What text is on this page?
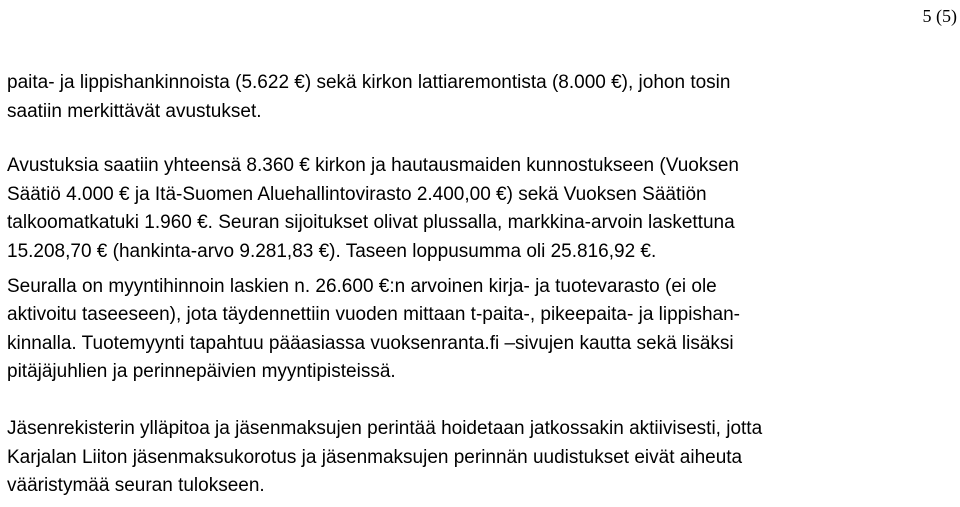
5 (5)

paita- ja lippishankinnoista (5.622 €) sekä kirkon lattiaremontista (8.000 €), johon tosin
saatiin merkittävät avustukset.

Avustuksia saatiin yhteensä 8.360 € kirkon ja hautausmaiden kunnostukseen (Vuoksen
Säätiö 4.000 € ja Itä-Suomen Aluehallintovirasto 2.400,00 €) sekä Vuoksen Säätiön
talkoomatkatuki 1.960 €. Seuran sijoitukset olivat plussalla, markkina-arvoin laskettuna
15.208,70 € (hankinta-arvo 9.281,83 €). Taseen loppusumma oli 25.816,92 €.

Seuralla on myyntihinnoin laskien n. 26.600 €:n arvoinen kirja- ja tuotevarasto (ei ole
aktivoitu taseeseen), jota täydennettiin vuoden mittaan t-paita-, pikeepaita- ja lippishan-
kinnalla. Tuotemyynti tapahtuu pääasiassa vuoksenranta.fi –sivujen kautta sekä lisäksi
pitäjäjuhlien ja perinnepäivien myyntipisteissä.

Jäsenrekisterin ylläpitoa ja jäsenmaksujen perintää hoidetaan jatkossakin aktiivisesti, jotta
Karjalan Liiton jäsenmaksukorotus ja jäsenmaksujen perinnän uudistukset eivät aiheuta
vääristymää seuran tulokseen.
